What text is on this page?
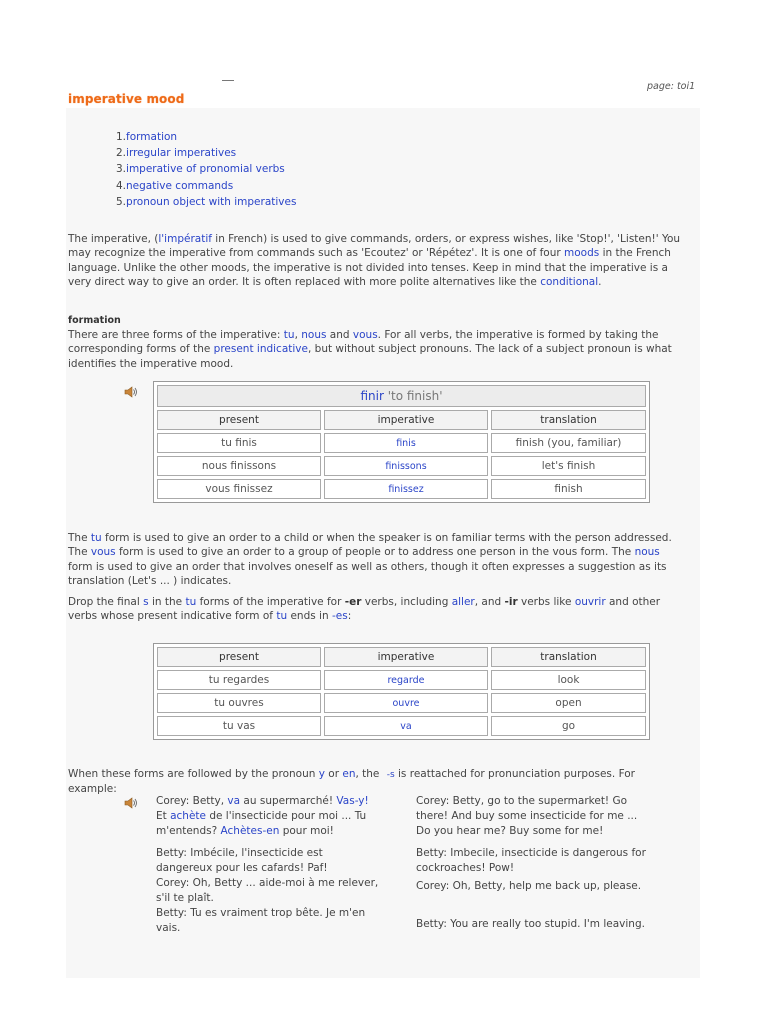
page: toi1
imperative mood
1.formation
2.irregular imperatives
3.imperative of pronomial verbs
4.negative commands
5.pronoun object with imperatives
The imperative, (l'impératif in French) is used to give commands, orders, or express wishes, like 'Stop!', 'Listen!' You may recognize the imperative from commands such as 'Ecoutez' or 'Répétez'. It is one of four moods in the French language. Unlike the other moods, the imperative is not divided into tenses. Keep in mind that the imperative is a very direct way to give an order. It is often replaced with more polite alternatives like the conditional.
formation
There are three forms of the imperative: tu, nous and vous. For all verbs, the imperative is formed by taking the corresponding forms of the present indicative, but without subject pronouns. The lack of a subject pronoun is what identifies the imperative mood.
finir 'to finish'		
present	imperative	translation
tu finis	finis	finish (you, familiar)
nous finissons	finissons	let's finish
vous finissez	finissez	finish
The tu form is used to give an order to a child or when the speaker is on familiar terms with the person addressed. The vous form is used to give an order to a group of people or to address one person in the vous form. The nous form is used to give an order that involves oneself as well as others, though it often expresses a suggestion as its translation (Let's ... ) indicates.
Drop the final s in the tu forms of the imperative for -er verbs, including aller, and -ir verbs like ouvrir and other verbs whose present indicative form of tu ends in -es:
present	imperative	translation
tu regardes	regarde	look
tu ouvres	ouvre	open
tu vas	va	go
When these forms are followed by the pronoun y or en, the -s is reattached for pronunciation purposes. For example:

Corey: Betty, va au supermarché! Vas-y! Et achète de l'insecticide pour moi ... Tu m'entends? Achètes-en pour moi!

Betty: Imbécile, l'insecticide est dangereux pour les cafards! Paf!

Corey: Oh, Betty ... aide-moi à me relever, s'il te plaît.

Betty: Tu es vraiment trop bête. Je m'en vais.

Corey: Betty, go to the supermarket! Go there! And buy some insecticide for me ... Do you hear me? Buy some for me!

Betty: Imbecile, insecticide is dangerous for cockroaches! Pow!

Corey: Oh, Betty, help me back up, please.

Betty: You are really too stupid. I'm leaving.
